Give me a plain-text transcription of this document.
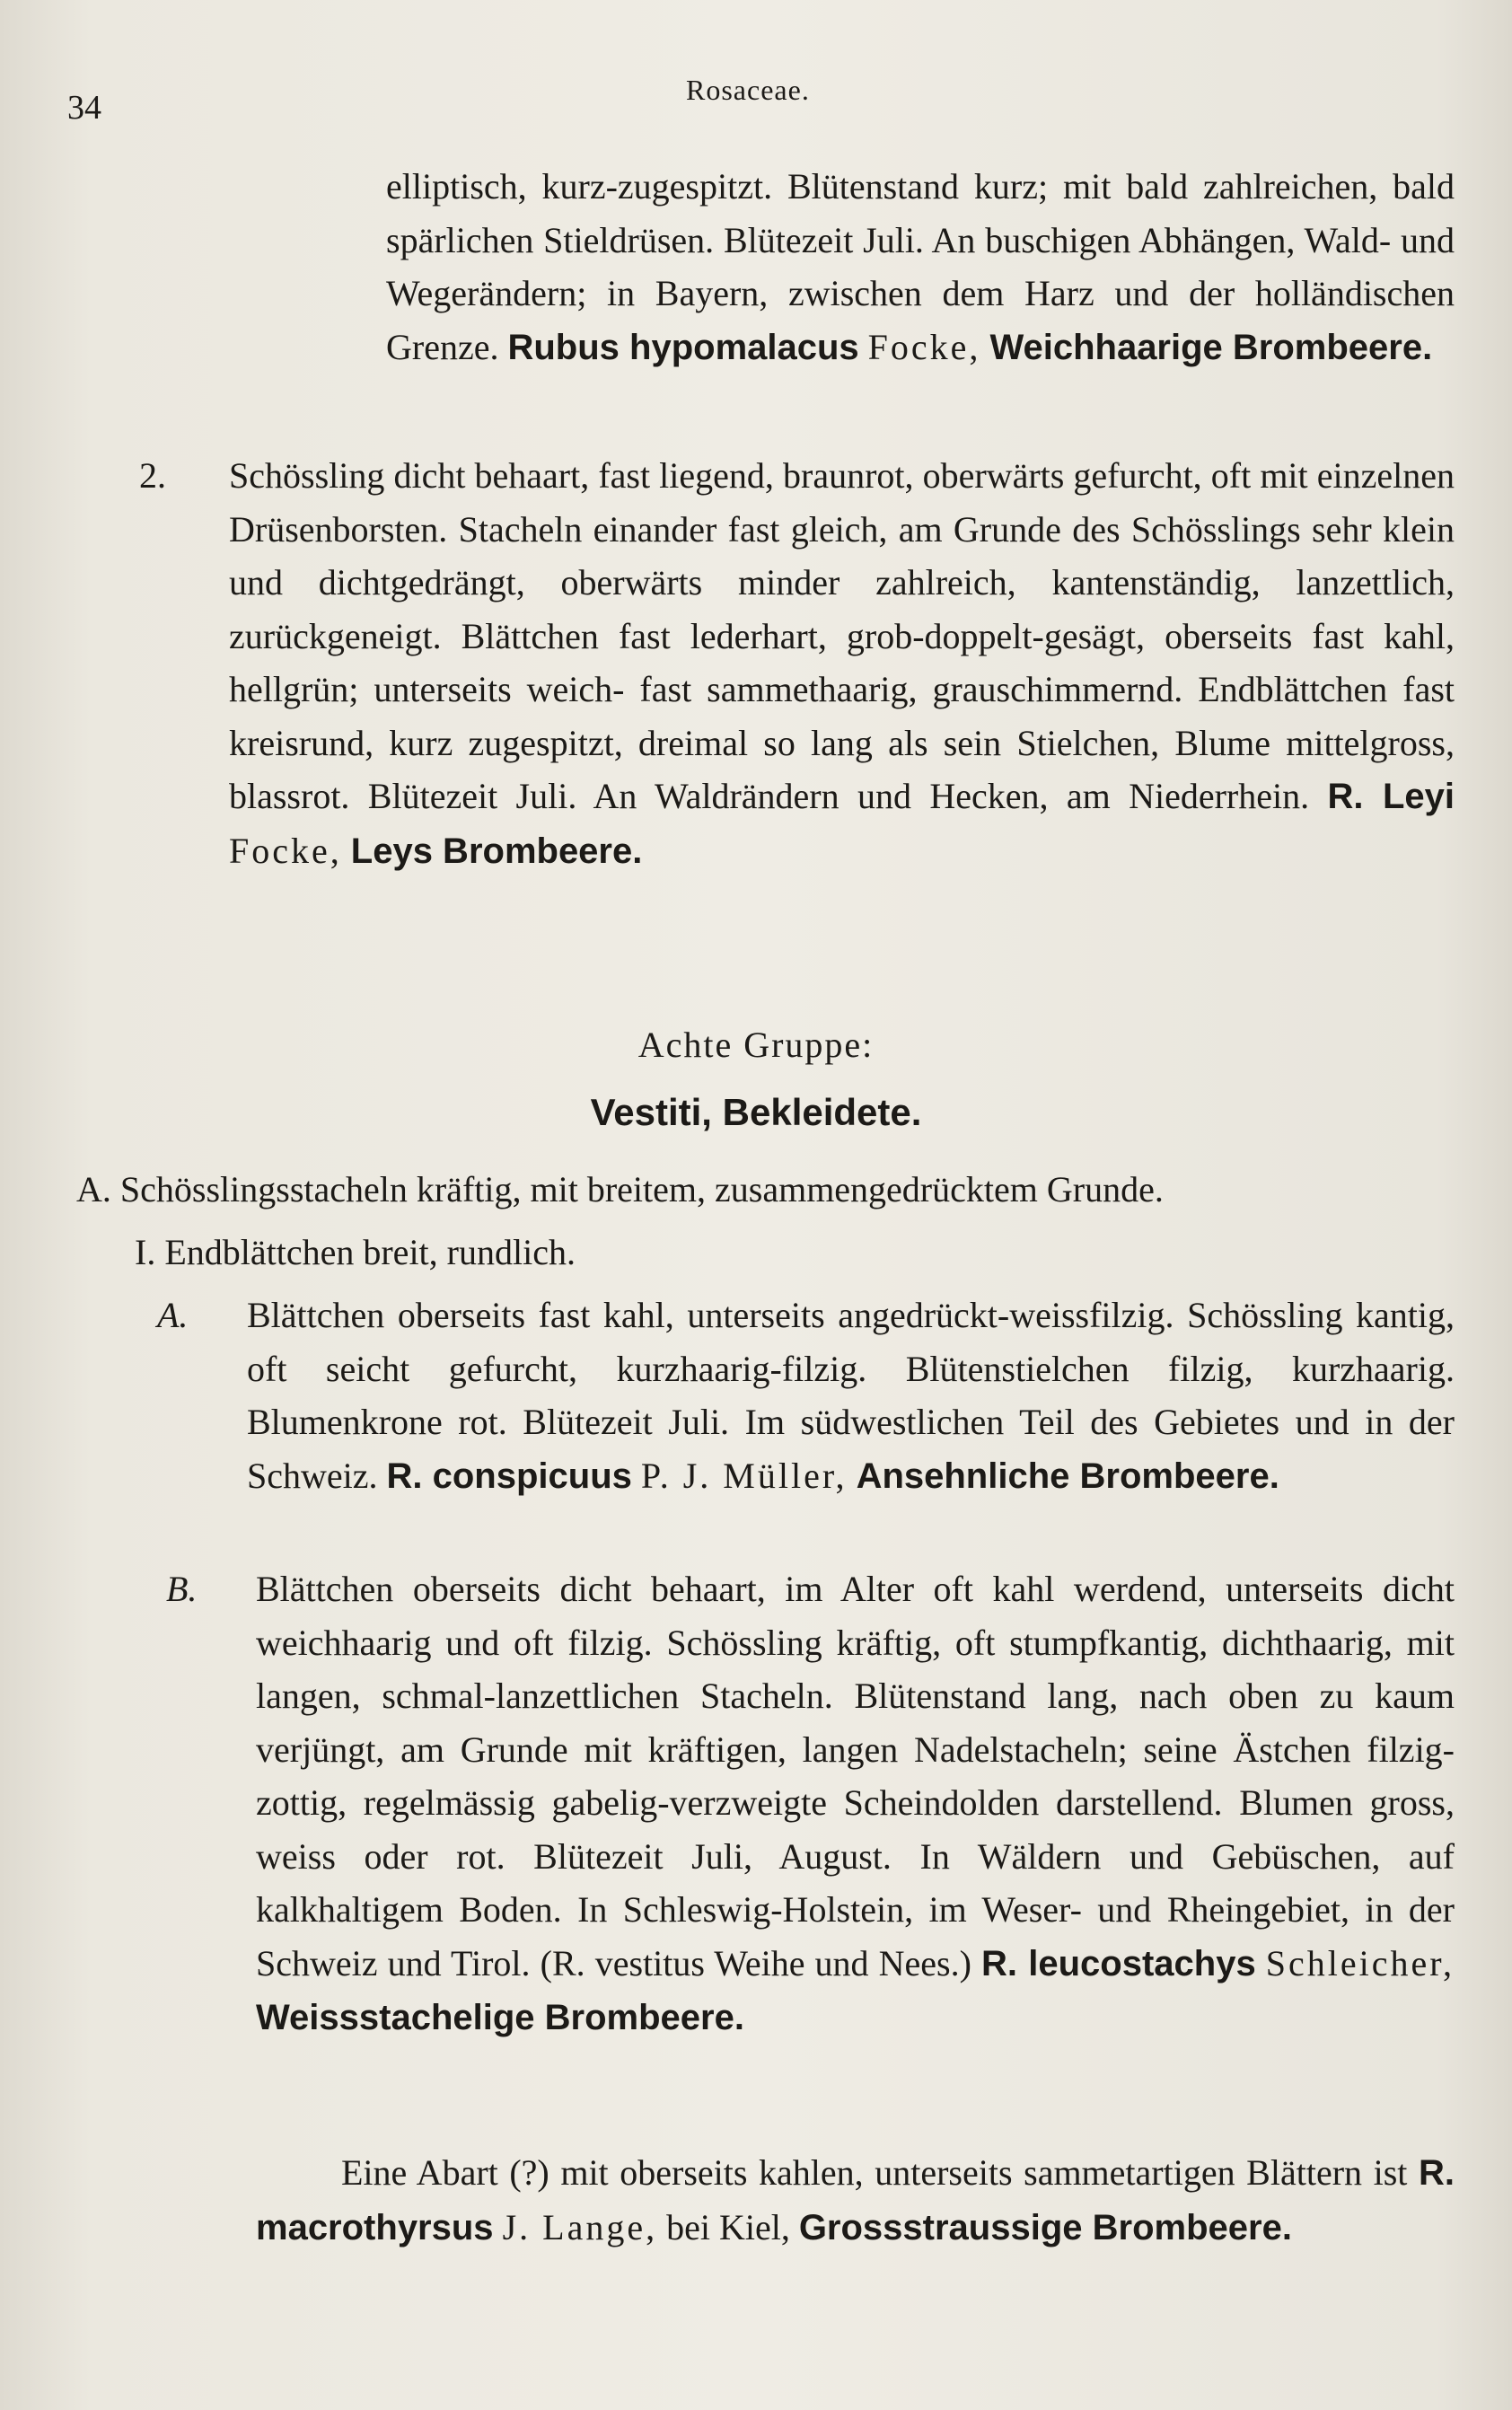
34	Rosaceae.

elliptisch, kurz-zugespitzt. Blütenstand kurz; mit bald zahlreichen, bald spärlichen Stieldrüsen. Blütezeit Juli. An buschigen Abhängen, Wald- und Wegerändern; in Bayern, zwischen dem Harz und der holländischen Grenze. Rubus hypomalacus Focke, Weichhaarige Brombeere.

2. Schössling dicht behaart, fast liegend, braunrot, oberwärts gefurcht, oft mit einzelnen Drüsenborsten. Stacheln einander fast gleich, am Grunde des Schösslings sehr klein und dichtgedrängt, oberwärts minder zahlreich, kantenständig, lanzettlich, zurückgeneigt. Blättchen fast lederhart, grob-doppelt-gesägt, oberseits fast kahl, hellgrün; unterseits weich- fast sammethaarig, grauschimmernd. Endblättchen fast kreisrund, kurz zugespitzt, dreimal so lang als sein Stielchen, Blume mittelgross, blassrot. Blütezeit Juli. An Waldrändern und Hecken, am Niederrhein. R. Leyi Focke, Leys Brombeere.

Achte Gruppe:
Vestiti, Bekleidete.

A. Schösslingsstacheln kräftig, mit breitem, zusammengedrücktem Grunde.

I. Endblättchen breit, rundlich.

A. Blättchen oberseits fast kahl, unterseits angedrückt-weissfilzig. Schössling kantig, oft seicht gefurcht, kurzhaarig-filzig. Blütenstielchen filzig, kurzhaarig. Blumenkrone rot. Blütezeit Juli. Im südwestlichen Teil des Gebietes und in der Schweiz. R. conspicuus P. J. Müller, Ansehnliche Brombeere.

B. Blättchen oberseits dicht behaart, im Alter oft kahl werdend, unterseits dicht weichhaarig und oft filzig. Schössling kräftig, oft stumpfkantig, dichthaarig, mit langen, schmal-lanzettlichen Stacheln. Blütenstand lang, nach oben zu kaum verjüngt, am Grunde mit kräftigen, langen Nadelstacheln; seine Ästchen filzig-zottig, regelmässig gabelig-verzweigte Scheindolden darstellend. Blumen gross, weiss oder rot. Blütezeit Juli, August. In Wäldern und Gebüschen, auf kalkhaltigem Boden. In Schleswig-Holstein, im Weser- und Rheingebiet, in der Schweiz und Tirol. (R. vestitus Weihe und Nees.) R. leucostachys Schleicher, Weissstachelige Brombeere.

Eine Abart (?) mit oberseits kahlen, unterseits sammetartigen Blättern ist R. macrothyrsus J. Lange, bei Kiel, Grossstraussige Brombeere.
